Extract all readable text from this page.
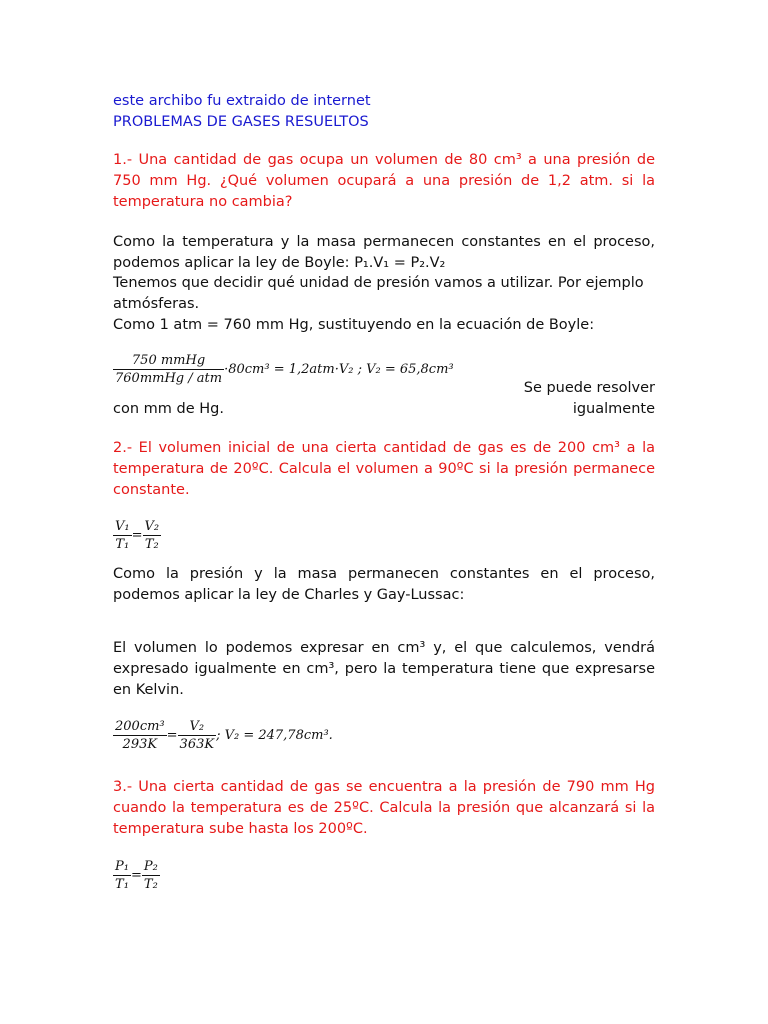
este archibo fu extraido de internet

PROBLEMAS DE GASES RESUELTOS

1.- Una cantidad de gas ocupa un volumen de 80 cm³ a una presión de 750 mm Hg. ¿Qué volumen ocupará a una presión de 1,2 atm. si la temperatura no cambia?

Como la temperatura y la masa permanecen constantes en el proceso, podemos aplicar la ley de Boyle: P₁.V₁ = P₂.V₂

Tenemos que decidir qué unidad de presión vamos a utilizar. Por ejemplo atmósferas.

Como 1 atm = 760 mm Hg, sustituyendo en la ecuación de Boyle:

$\frac{\text{750 mmHg}}{\text{760mmHg / atm}} \cdot 80cm^3 = 1,2atm\cdot V_2$ ; V₂ = 65,8cm³

Se puede resolver igualmente

con mm de Hg.

2.- El volumen inicial de una cierta cantidad de gas es de 200 cm³ a la temperatura de 20ºC. Calcula el volumen a 90ºC si la presión permanece constante.

$\frac{\text{V₁}}{\text{T₁}} = \frac{\text{V₂}}{\text{T₂}}$

Como la presión y la masa permanecen constantes en el proceso, podemos aplicar la ley de Charles y Gay-Lussac:

El volumen lo podemos expresar en cm³ y, el que calculemos, vendrá expresado igualmente en cm³, pero la temperatura tiene que expresarse en Kelvin.

$\frac{\text{200cm³}}{293K} = \frac{\text{V₂}}{363K}$ ; V₂ = 247,78cm³.

3.- Una cierta cantidad de gas se encuentra a la presión de 790 mm Hg cuando la temperatura es de 25ºC. Calcula la presión que alcanzará si la temperatura sube hasta los 200ºC.

$\frac{\text{P₁}}{\text{T₁}} = \frac{\text{P₂}}{\text{T₂}}$
